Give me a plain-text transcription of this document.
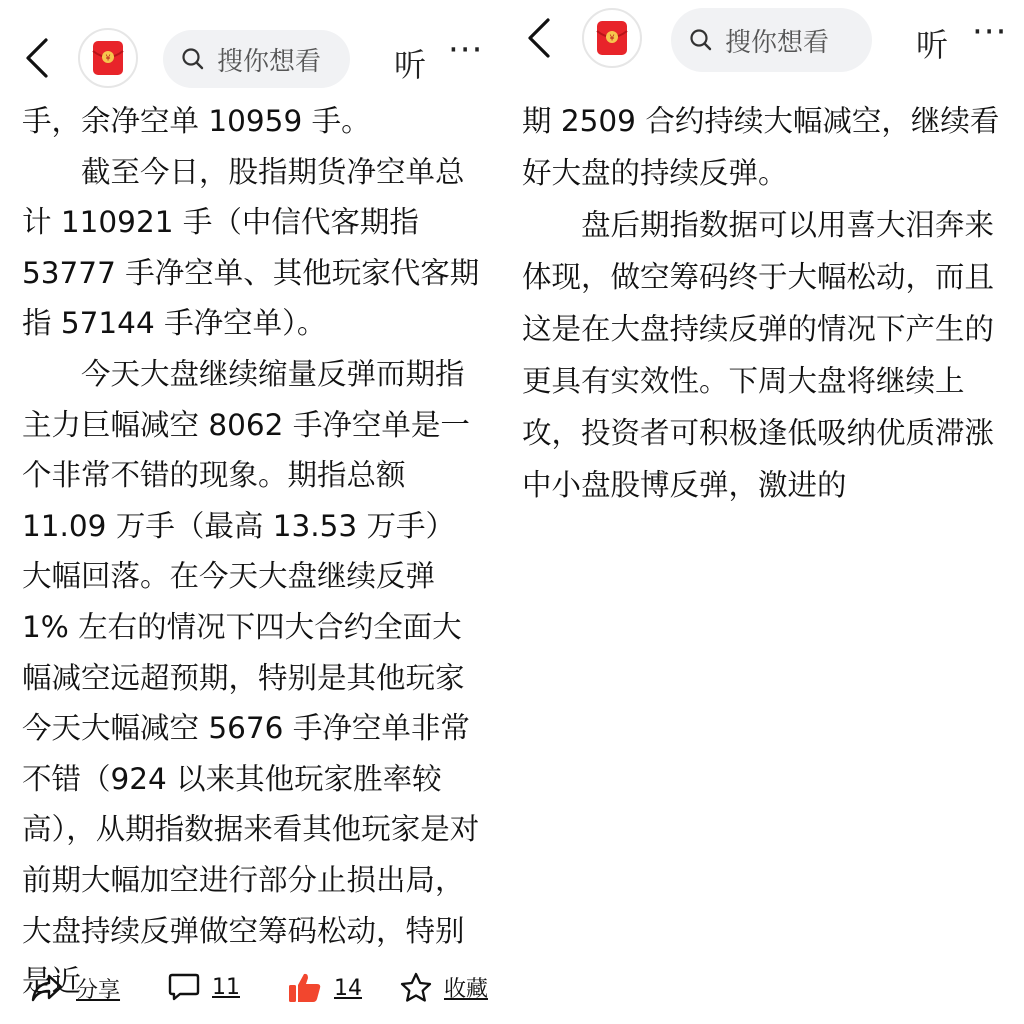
¥	搜你想看 听 ···

手，余净空单 10959 手。

截至今日，股指期货净空单总计 110921 手（中信代客期指 53777 手净空单、其他玩家代客期指 57144 手净空单）。

今天大盘继续缩量反弹而期指主力巨幅减空 8062 手净空单是一个非常不错的现象。期指总额 11.09 万手（最高 13.53 万手）大幅回落。在今天大盘继续反弹 1% 左右的情况下四大合约全面大幅减空远超预期，特别是其他玩家今天大幅减空 5676 手净空单非常不错（924 以来其他玩家胜率较高），从期指数据来看其他玩家是对前期大幅加空进行部分止损出局，大盘持续反弹做空筹码松动，特别是近

分享	11	14	收藏
¥	搜你想看	听 ···

期 2509 合约持续大幅减空，继续看好大盘的持续反弹。

盘后期指数据可以用喜大泪奔来体现，做空筹码终于大幅松动，而且这是在大盘持续反弹的情况下产生的更具有实效性。下周大盘将继续上攻，投资者可积极逢低吸纳优质滞涨中小盘股博反弹，激进的
